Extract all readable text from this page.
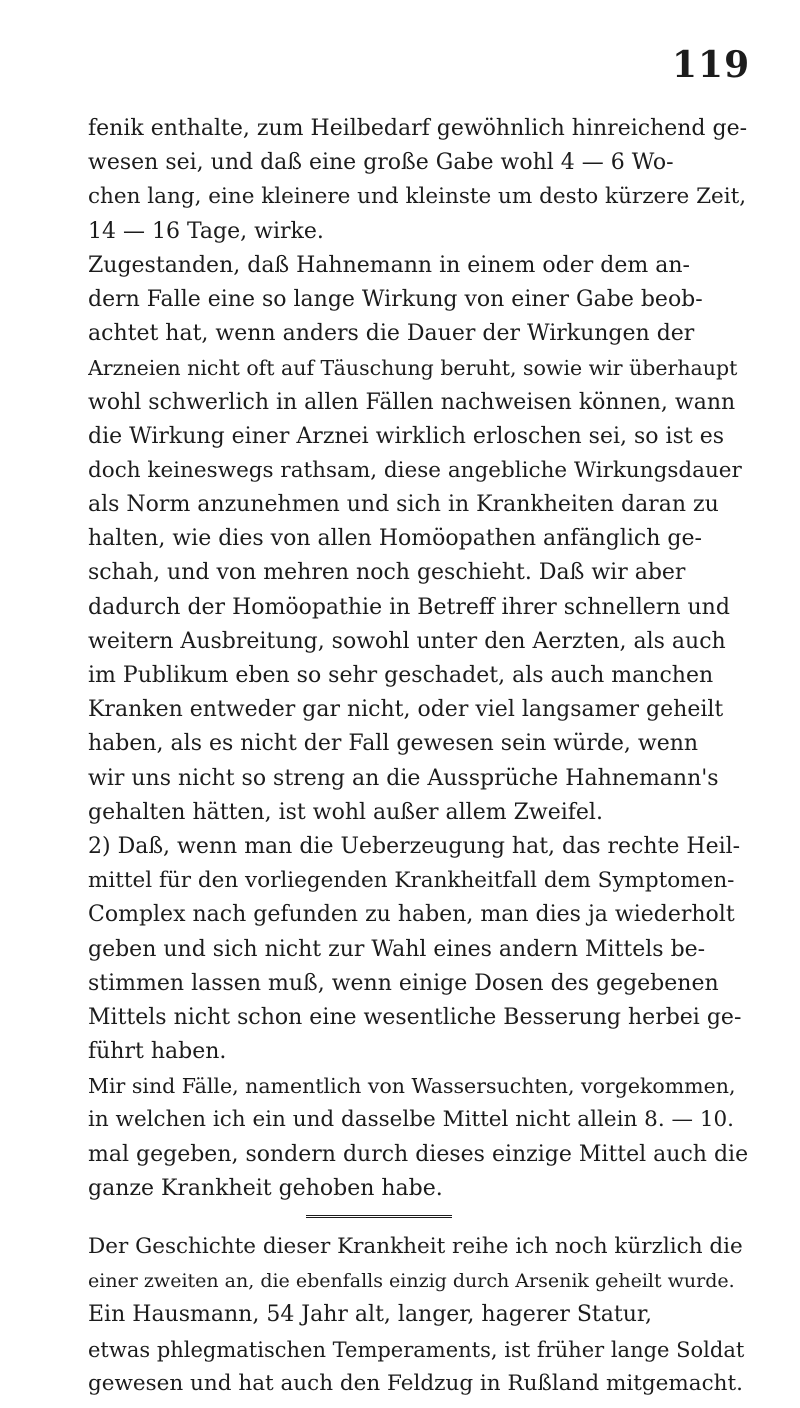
119
fenik enthalte, zum Heilbedarf gewöhnlich hinreichend ge-
wesen sei, und daß eine große Gabe wohl 4 — 6 Wo-
chen lang, eine kleinere und kleinste um desto kürzere Zeit,
14 — 16 Tage, wirke.
Zugestanden, daß Hahnemann in einem oder dem an-
dern Falle eine so lange Wirkung von einer Gabe beob-
achtet hat, wenn anders die Dauer der Wirkungen der
Arzneien nicht oft auf Täuschung beruht, sowie wir überhaupt
wohl schwerlich in allen Fällen nachweisen können, wann
die Wirkung einer Arznei wirklich erloschen sei, so ist es
doch keineswegs rathsam, diese angebliche Wirkungsdauer
als Norm anzunehmen und sich in Krankheiten daran zu
halten, wie dies von allen Homöopathen anfänglich ge-
schah, und von mehren noch geschieht. Daß wir aber
dadurch der Homöopathie in Betreff ihrer schnellern und
weitern Ausbreitung, sowohl unter den Aerzten, als auch
im Publikum eben so sehr geschadet, als auch manchen
Kranken entweder gar nicht, oder viel langsamer geheilt
haben, als es nicht der Fall gewesen sein würde, wenn
wir uns nicht so streng an die Aussprüche Hahnemann's
gehalten hätten, ist wohl außer allem Zweifel.
2) Daß, wenn man die Ueberzeugung hat, das rechte Heil-
mittel für den vorliegenden Krankheitfall dem Symptomen-
Complex nach gefunden zu haben, man dies ja wiederholt
geben und sich nicht zur Wahl eines andern Mittels be-
stimmen lassen muß, wenn einige Dosen des gegebenen
Mittels nicht schon eine wesentliche Besserung herbei ge-
führt haben.
Mir sind Fälle, namentlich von Wassersuchten, vorgekommen,
in welchen ich ein und dasselbe Mittel nicht allein 8. — 10.
mal gegeben, sondern durch dieses einzige Mittel auch die
ganze Krankheit gehoben habe.
Der Geschichte dieser Krankheit reihe ich noch kürzlich die
einer zweiten an, die ebenfalls einzig durch Arsenik geheilt wurde.
Ein Hausmann, 54 Jahr alt, langer, hagerer Statur,
etwas phlegmatischen Temperaments, ist früher lange Soldat
gewesen und hat auch den Feldzug in Rußland mitgemacht.
